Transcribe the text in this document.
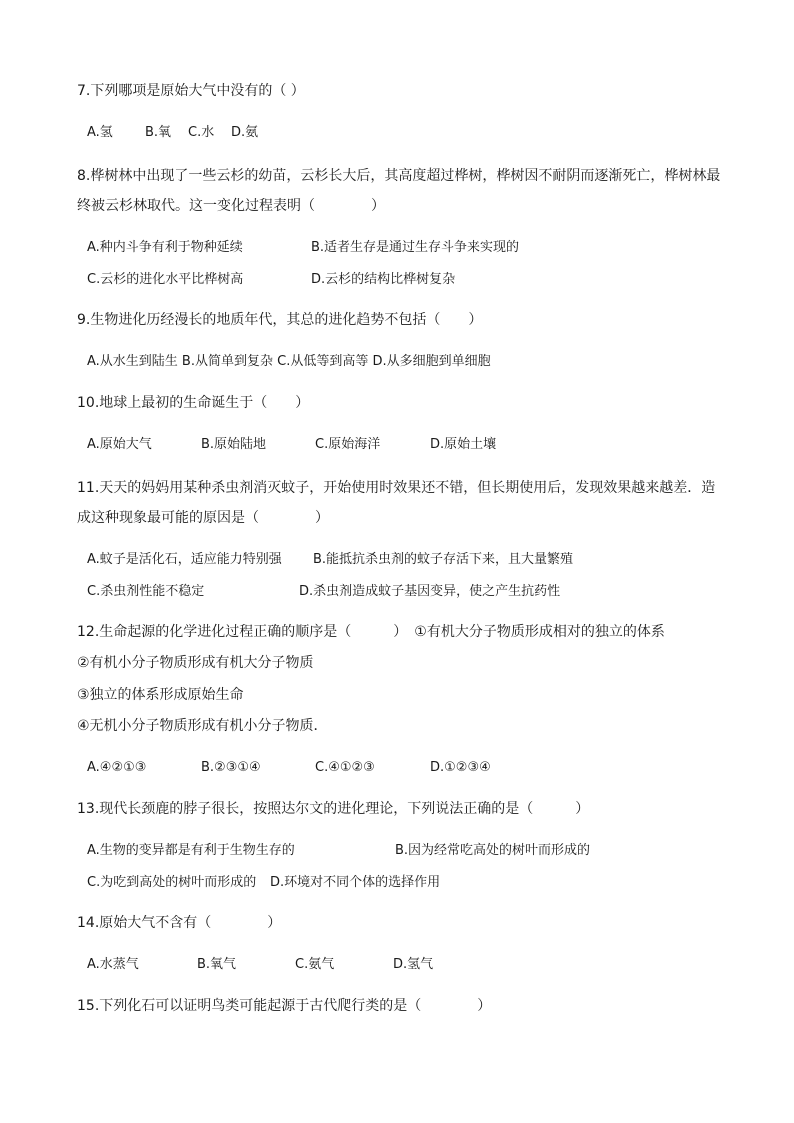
7.下列哪项是原始大气中没有的（ ）
A.氢 B.氧 C.水 D.氨
8.桦树林中出现了一些云杉的幼苗，云杉长大后，其高度超过桦树，桦树因不耐阴而逐渐死亡，桦树林最
终被云杉林取代。这一变化过程表明（　　　　）
A.种内斗争有利于物种延续	B.适者生存是通过生存斗争来实现的
C.云杉的进化水平比桦树高	D.云杉的结构比桦树复杂
9.生物进化历经漫长的地质年代，其总的进化趋势不包括（　　）
A.从水生到陆生 B.从简单到复杂 C.从低等到高等 D.从多细胞到单细胞
10.地球上最初的生命诞生于（　　）
A.原始大气	B.原始陆地	C.原始海洋	D.原始土壤
11.天天的妈妈用某种杀虫剂消灭蚊子，开始使用时效果还不错，但长期使用后，发现效果越来越差．造
成这种现象最可能的原因是（　　　　）
A.蚊子是活化石，适应能力特别强 B.能抵抗杀虫剂的蚊子存活下来，且大量繁殖
C.杀虫剂性能不稳定	D.杀虫剂造成蚊子基因变异，使之产生抗药性
12.生命起源的化学进化过程正确的顺序是（　　　）　①有机大分子物质形成相对的独立的体系
②有机小分子物质形成有机大分子物质
③独立的体系形成原始生命
④无机小分子物质形成有机小分子物质．
A.④②①③	B.②③①④	C.④①②③	D.①②③④
13.现代长颈鹿的脖子很长，按照达尔文的进化理论，下列说法正确的是（　　　）
A.生物的变异都是有利于生物生存的	B.因为经常吃高处的树叶而形成的
C.为吃到高处的树叶而形成的 D.环境对不同个体的选择作用
14.原始大气不含有（　　　　）
A.水蒸气	B.氧气	C.氨气	D.氢气
15.下列化石可以证明鸟类可能起源于古代爬行类的是（　　　　）
